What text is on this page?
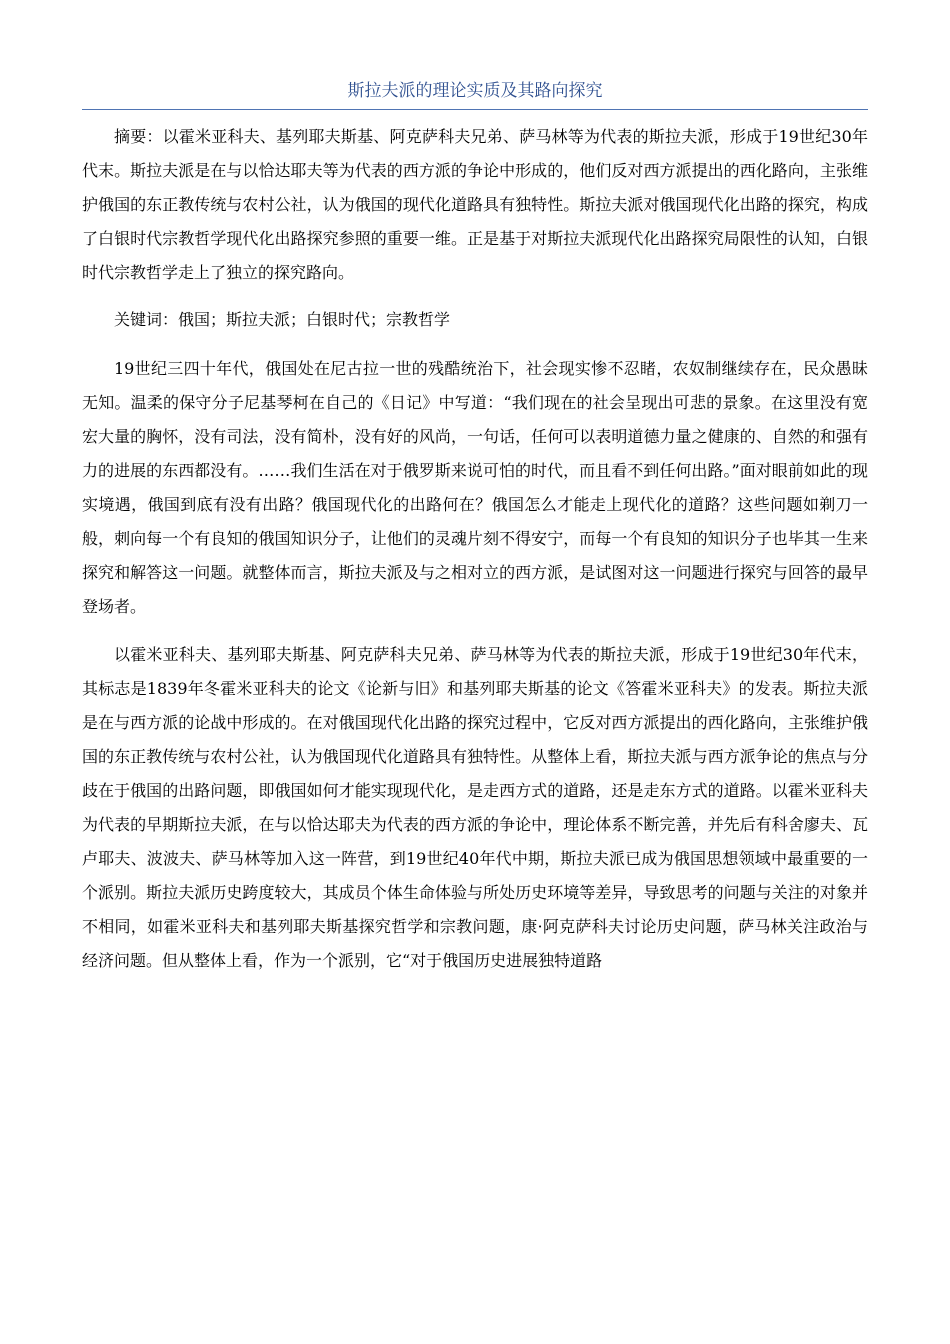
斯拉夫派的理论实质及其路向探究

摘要：以霍米亚科夫、基列耶夫斯基、阿克萨科夫兄弟、萨马林等为代表的斯拉夫派，形成于19世纪30年代末。斯拉夫派是在与以恰达耶夫等为代表的西方派的争论中形成的，他们反对西方派提出的西化路向，主张维护俄国的东正教传统与农村公社，认为俄国的现代化道路具有独特性。斯拉夫派对俄国现代化出路的探究，构成了白银时代宗教哲学现代化出路探究参照的重要一维。正是基于对斯拉夫派现代化出路探究局限性的认知，白银时代宗教哲学走上了独立的探究路向。

关键词：俄国；斯拉夫派；白银时代；宗教哲学

19世纪三四十年代，俄国处在尼古拉一世的残酷统治下，社会现实惨不忍睹，农奴制继续存在，民众愚昧无知。温柔的保守分子尼基琴柯在自己的《日记》中写道：“我们现在的社会呈现出可悲的景象。在这里没有宽宏大量的胸怀，没有司法，没有简朴，没有好的风尚，一句话，任何可以表明道德力量之健康的、自然的和强有力的进展的东西都没有。……我们生活在对于俄罗斯来说可怕的时代，而且看不到任何出路。”面对眼前如此的现实境遇，俄国到底有没有出路？俄国现代化的出路何在？俄国怎么才能走上现代化的道路？这些问题如剃刀一般，刺向每一个有良知的俄国知识分子，让他们的灵魂片刻不得安宁，而每一个有良知的知识分子也毕其一生来探究和解答这一问题。就整体而言，斯拉夫派及与之相对立的西方派，是试图对这一问题进行探究与回答的最早登场者。

以霍米亚科夫、基列耶夫斯基、阿克萨科夫兄弟、萨马林等为代表的斯拉夫派，形成于19世纪30年代末，其标志是1839年冬霍米亚科夫的论文《论新与旧》和基列耶夫斯基的论文《答霍米亚科夫》的发表。斯拉夫派是在与西方派的论战中形成的。在对俄国现代化出路的探究过程中，它反对西方派提出的西化路向，主张维护俄国的东正教传统与农村公社，认为俄国现代化道路具有独特性。从整体上看，斯拉夫派与西方派争论的焦点与分歧在于俄国的出路问题，即俄国如何才能实现现代化，是走西方式的道路，还是走东方式的道路。以霍米亚科夫为代表的早期斯拉夫派，在与以恰达耶夫为代表的西方派的争论中，理论体系不断完善，并先后有科舍廖夫、瓦卢耶夫、波波夫、萨马林等加入这一阵营，到19世纪40年代中期，斯拉夫派已成为俄国思想领域中最重要的一个派别。斯拉夫派历史跨度较大，其成员个体生命体验与所处历史环境等差异，导致思考的问题与关注的对象并不相同，如霍米亚科夫和基列耶夫斯基探究哲学和宗教问题，康·阿克萨科夫讨论历史问题，萨马林关注政治与经济问题。但从整体上看，作为一个派别，它“对于俄国历史进展独特道路
